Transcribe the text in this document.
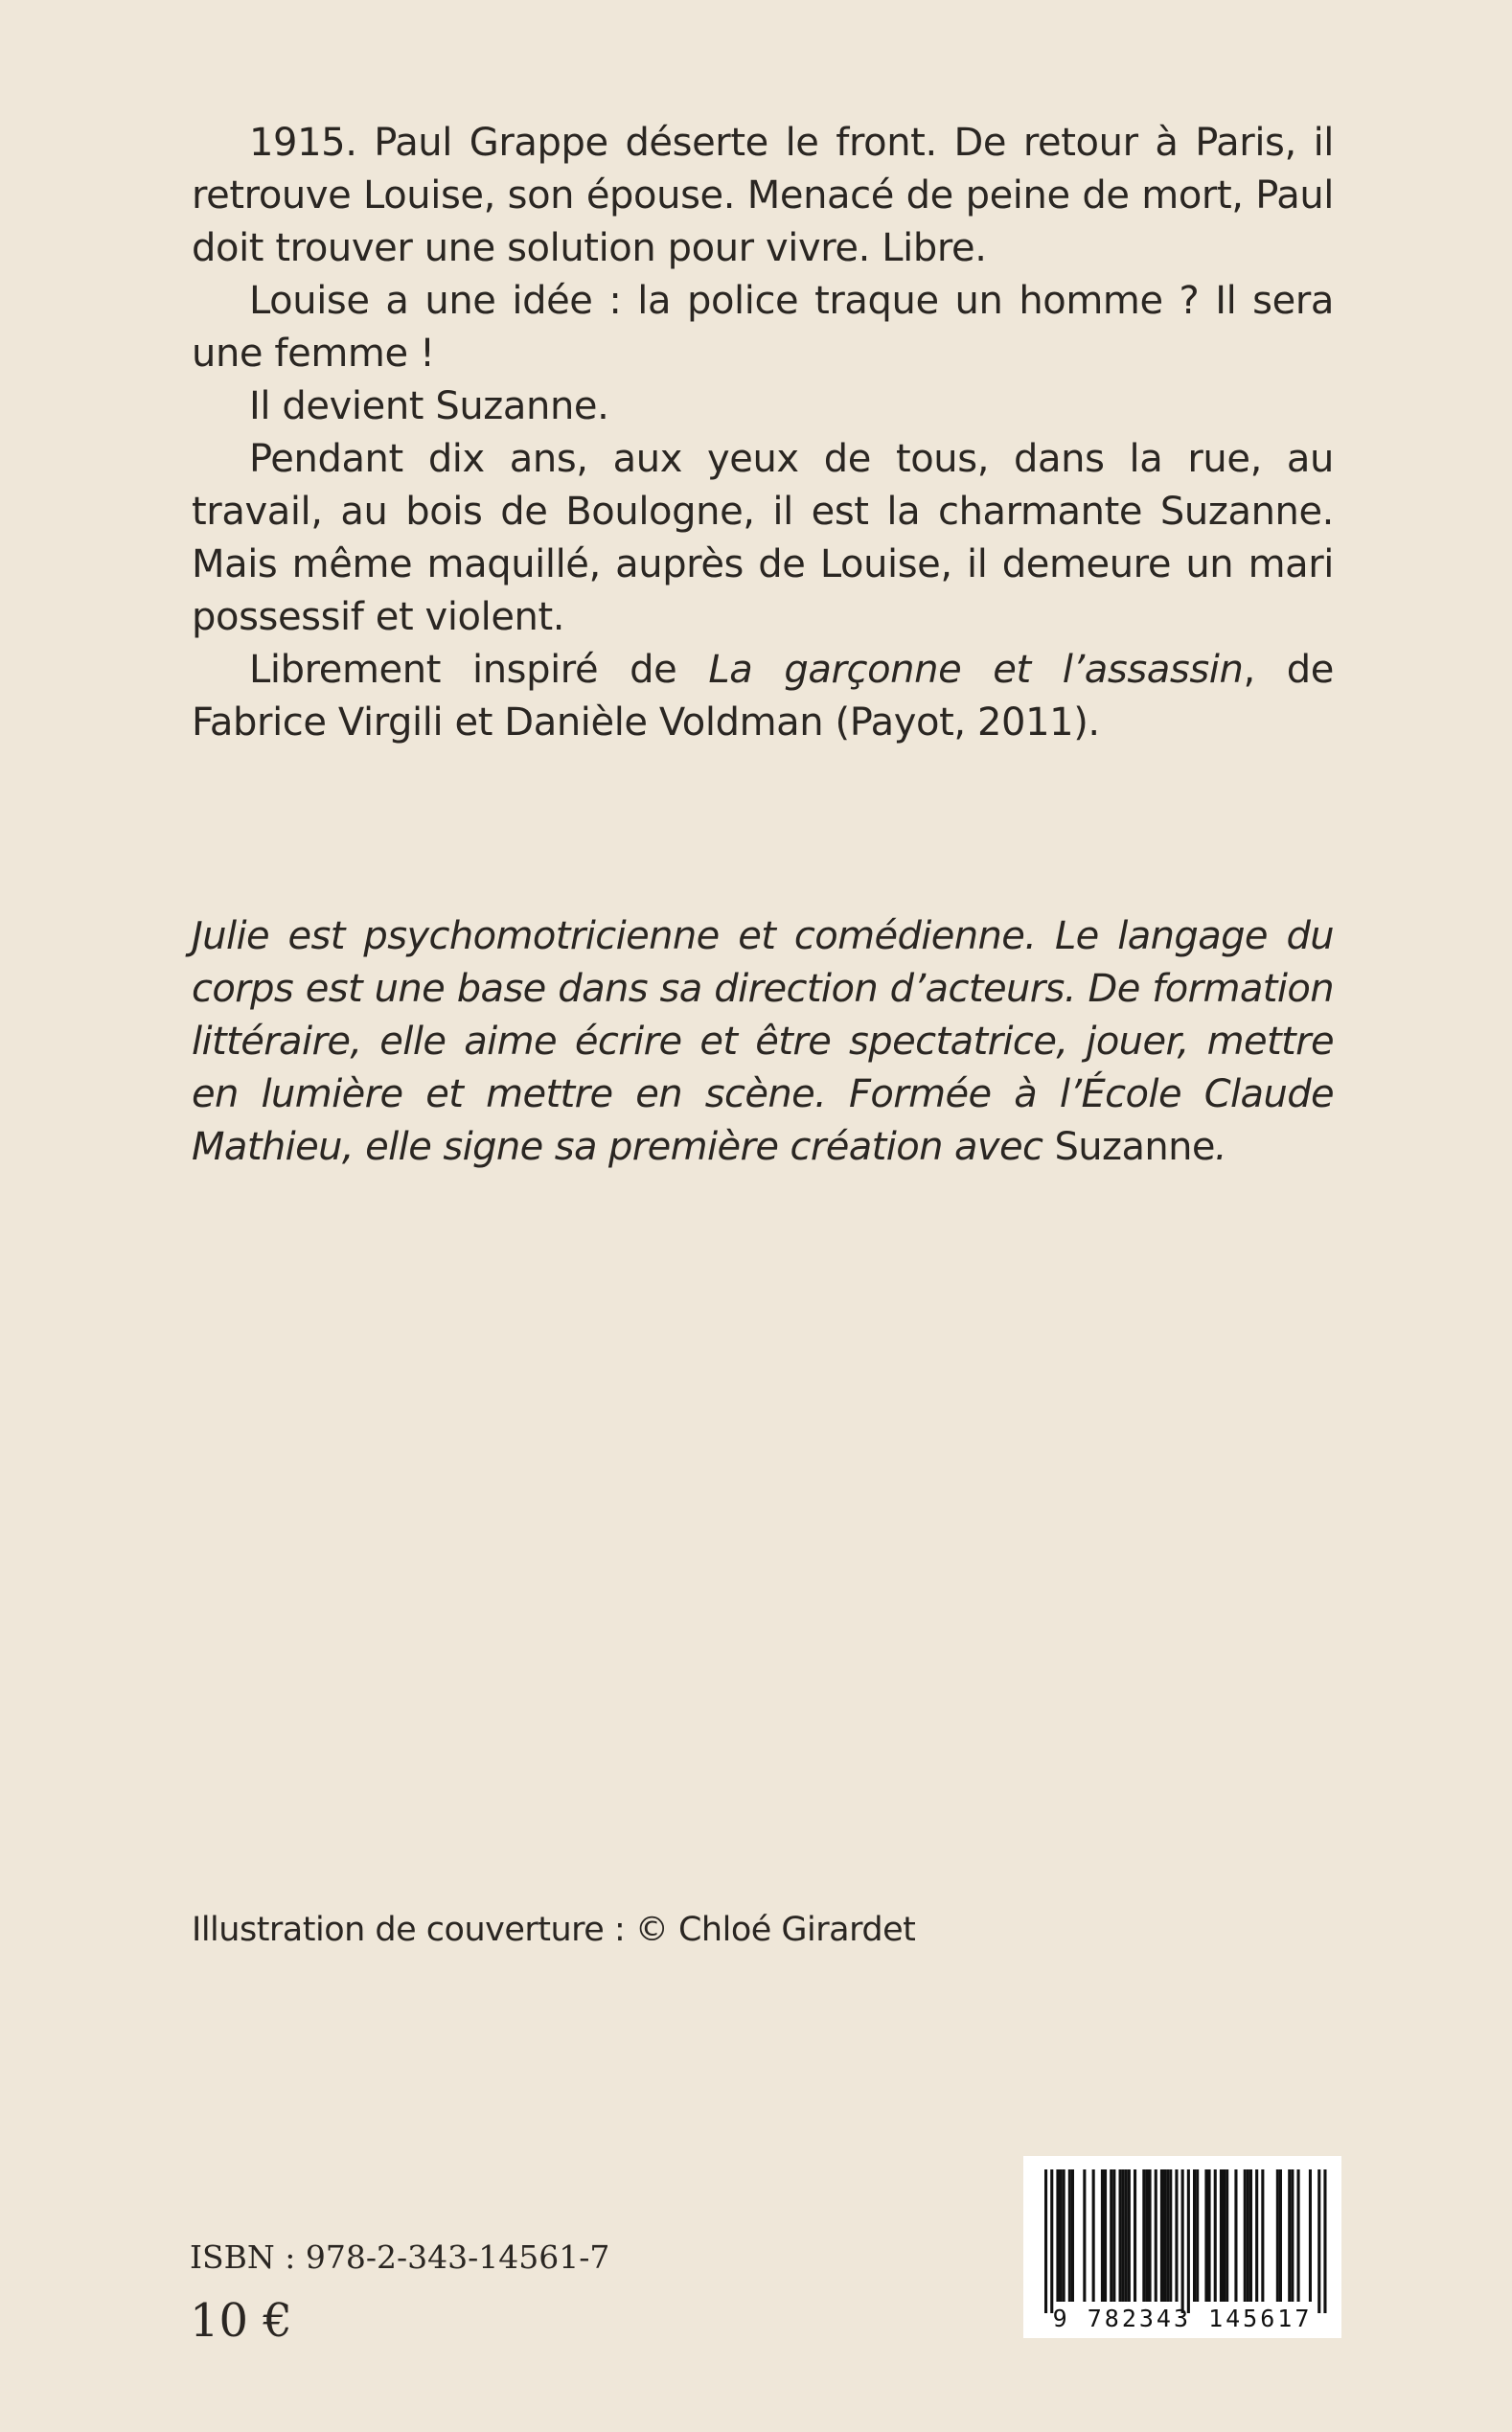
1915. Paul Grappe déserte le front. De retour à Paris, il retrouve Louise, son épouse. Menacé de peine de mort, Paul doit trouver une solution pour vivre. Libre.

Louise a une idée : la police traque un homme ? Il sera une femme !

Il devient Suzanne.

Pendant dix ans, aux yeux de tous, dans la rue, au travail, au bois de Boulogne, il est la charmante Suzanne. Mais même maquillé, auprès de Louise, il demeure un mari possessif et violent.

Librement inspiré de La garçonne et l’assassin, de Fabrice Virgili et Danièle Voldman (Payot, 2011).

Julie est psychomotricienne et comédienne. Le langage du corps est une base dans sa direction d’acteurs. De formation littéraire, elle aime écrire et être spectatrice, jouer, mettre en lumière et mettre en scène. Formée à l’École Claude Mathieu, elle signe sa première création avec Suzanne.
Illustration de couverture : © Chloé Girardet
ISBN : 978-2-343-14561-7
10 €	9 782343 145617
